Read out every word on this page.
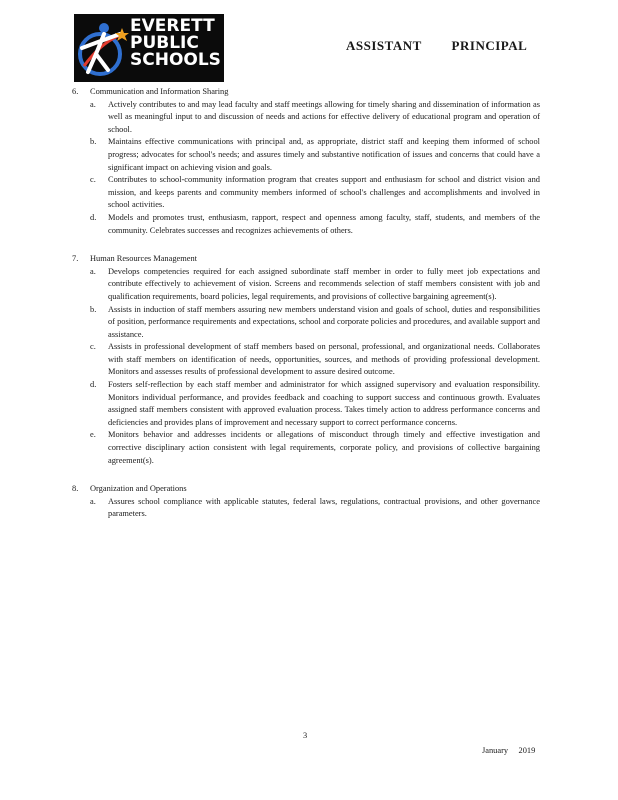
EVERETT
PUBLIC
SCHOOLS
ASSISTANT        PRINCIPAL
6.	Communication and Information Sharing
a.	Actively contributes to and may lead faculty and staff meetings allowing for timely sharing and dissemination of information as well as meaningful input to and discussion of needs and actions for effective delivery of educational program and operation of school.
b.	Maintains effective communications with principal and, as appropriate, district staff and keeping them informed of school progress; advocates for school's needs; and assures timely and substantive notification of issues and concerns that could have a significant impact on achieving vision and goals.
c.	Contributes to school-community information program that creates support and enthusiasm for school and district vision and mission, and keeps parents and community members informed of school's challenges and accomplishments and involved in school activities.
d.	Models and promotes trust, enthusiasm, rapport, respect and openness among faculty, staff, students, and members of the community. Celebrates successes and recognizes achievements of others.
7.	Human Resources Management
a.	Develops competencies required for each assigned subordinate staff member in order to fully meet job expectations and contribute effectively to achievement of vision. Screens and recommends selection of staff members consistent with job and qualification requirements, board policies, legal requirements, and provisions of collective bargaining agreement(s).
b.	Assists in induction of staff members assuring new members understand vision and goals of school, duties and responsibilities of position, performance requirements and expectations, school and corporate policies and procedures, and available support and assistance.
c.	Assists in professional development of staff members based on personal, professional, and organizational needs. Collaborates with staff members on identification of needs, opportunities, sources, and methods of providing professional development. Monitors and assesses results of professional development to assure desired outcome.
d.	Fosters self-reflection by each staff member and administrator for which assigned supervisory and evaluation responsibility. Monitors individual performance, and provides feedback and coaching to support success and continuous growth. Evaluates assigned staff members consistent with approved evaluation process. Takes timely action to address performance concerns and deficiencies and provides plans of improvement and necessary support to correct performance concerns.
e.	Monitors behavior and addresses incidents or allegations of misconduct through timely and effective investigation and corrective disciplinary action consistent with legal requirements, corporate policy, and provisions of collective bargaining agreement(s).
8.	Organization and Operations
a.	Assures school compliance with applicable statutes, federal laws, regulations, contractual provisions, and other governance parameters.
3
January     2019
